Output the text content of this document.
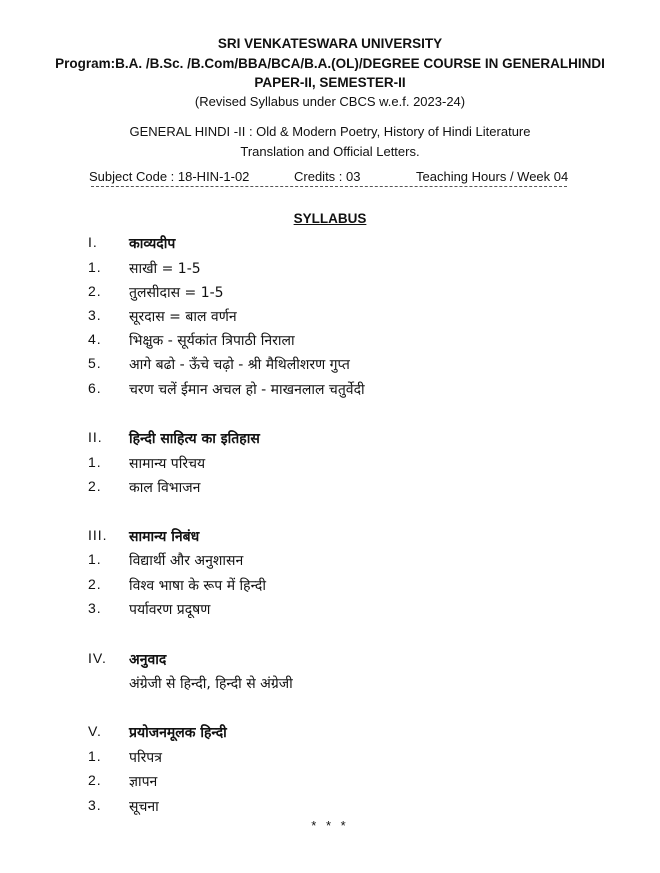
SRI VENKATESWARA UNIVERSITY
Program:B.A. /B.Sc. /B.Com/BBA/BCA/B.A.(OL)/DEGREE COURSE IN GENERALHINDI
PAPER-II, SEMESTER-II
(Revised Syllabus under CBCS w.e.f. 2023-24)
GENERAL HINDI -II : Old & Modern Poetry, History of Hindi Literature
Translation and Official Letters.
Subject Code : 18-HIN-1-02	Credits : 03	Teaching Hours / Week 04
SYLLABUS
I. काव्यदीप
1. साखी = 1-5
2. तुलसीदास = 1-5
3. सूरदास = बाल वर्णन
4. भिक्षुक - सूर्यकांत त्रिपाठी निराला
5. आगे बढो - ऊँचे चढ़ो - श्री मैथिलीशरण गुप्त
6. चरण चलें ईमान अचल हो - माखनलाल चतुर्वेदी
II. हिन्दी साहित्य का इतिहास
1. सामान्य परिचय
2. काल विभाजन
III. सामान्य निबंध
1. विद्यार्थी और अनुशासन
2. विश्व भाषा के रूप में हिन्दी
3. पर्यावरण प्रदूषण
IV. अनुवाद
अंग्रेजी से हिन्दी, हिन्दी से अंग्रेजी
V. प्रयोजनमूलक हिन्दी
1. परिपत्र
2. ज्ञापन
3. सूचना
* * *
